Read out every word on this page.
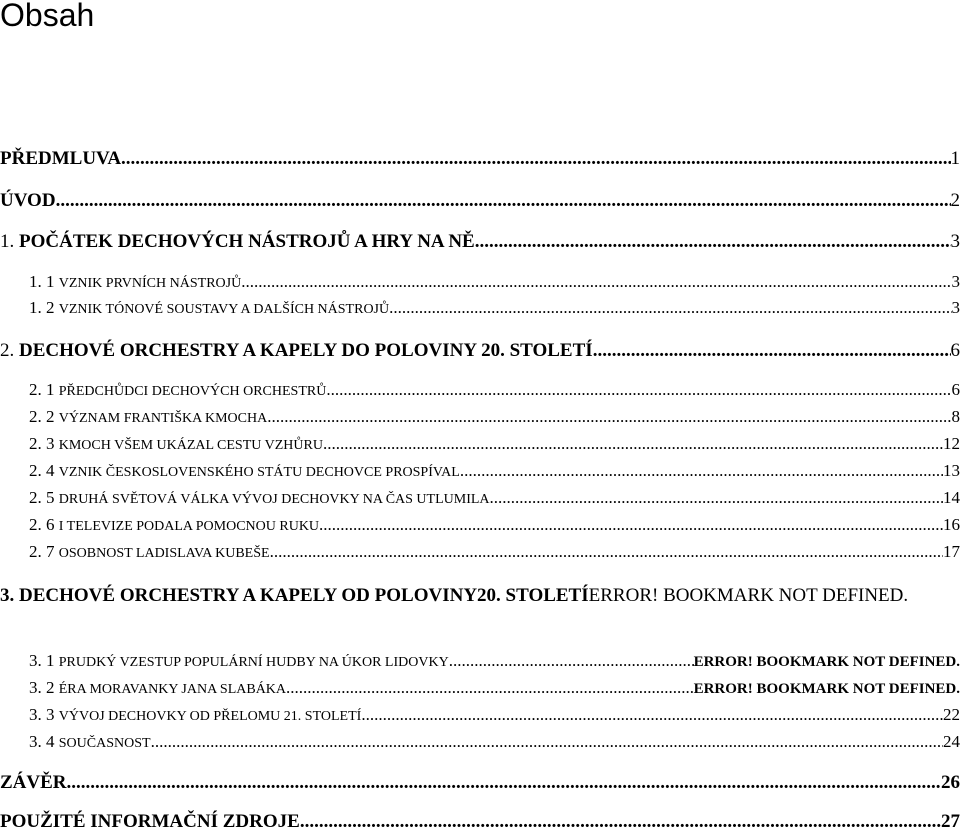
Obsah
PŘEDMLUVA .....	1
ÚVOD .....	2
1. POČÁTEK DECHOVÝCH NÁSTROJŮ A HRY NA NĚ .....	3
1. 1 VZNIK PRVNÍCH NÁSTROJŮ .....	3
1. 2 VZNIK TÓNOVÉ SOUSTAVY A DALŠÍCH NÁSTROJŮ .....	3
2. DECHOVÉ ORCHESTRY A KAPELY DO POLOVINY 20. STOLETÍ .....	6
2. 1 PŘEDCHŮDCI DECHOVÝCH ORCHESTRŮ .....	6
2. 2 VÝZNAM FRANTIŠKA KMOCHA .....	8
2. 3 KMOCH VŠEM UKÁZAL CESTU VZHŮRU .....	12
2. 4 VZNIK ČESKOSLOVENSKÉHO STÁTU DECHOVCE PROSPÍVAL .....	13
2. 5 DRUHÁ SVĚTOVÁ VÁLKA VÝVOJ DECHOVKY NA ČAS UTLUMILA .....	14
2. 6 I TELEVIZE PODALA POMOCNOU RUKU .....	16
2. 7 OSOBNOST LADISLAVA KUBEŠE .....	17
3. DECHOVÉ ORCHESTRY A KAPELY OD POLOVINY20. STOLETÍERROR! BOOKMARK NOT DEFINED.
3. 1 PRUDKÝ VZESTUP POPULÁRNÍ HUDBY NA ÚKOR LIDOVKY .....	ERROR! BOOKMARK NOT DEFINED.
3. 2 ÉRA MORAVANKY JANA SLABÁKA .....	ERROR! BOOKMARK NOT DEFINED.
3. 3 VÝVOJ DECHOVKY OD PŘELOMU 21. STOLETÍ .....	22
3. 4 SOUČASNOST .....	24
ZÁVĚR .....	26
POUŽITÉ INFORMAČNÍ ZDROJE .....	27
